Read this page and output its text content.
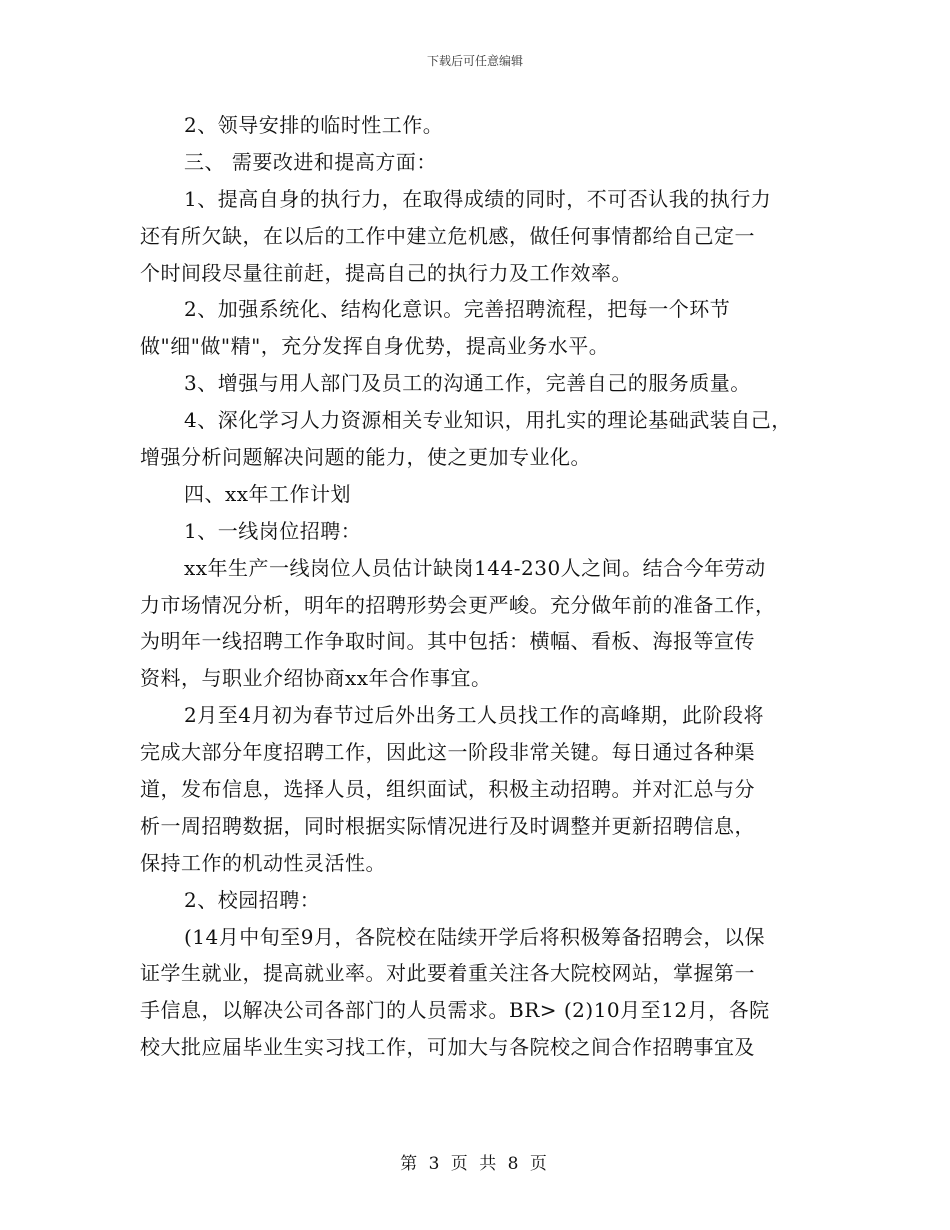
下载后可任意编辑
2、领导安排的临时性工作。
三、 需要改进和提高方面：
1、提高自身的执行力，在取得成绩的同时，不可否认我的执行力
还有所欠缺，在以后的工作中建立危机感，做任何事情都给自己定一
个时间段尽量往前赶，提高自己的执行力及工作效率。
2、加强系统化、结构化意识。完善招聘流程，把每一个环节
做"细"做"精"，充分发挥自身优势，提高业务水平。
3、增强与用人部门及员工的沟通工作，完善自己的服务质量。
4、深化学习人力资源相关专业知识，用扎实的理论基础武装自己，
增强分析问题解决问题的能力，使之更加专业化。
四、xx年工作计划
1、一线岗位招聘：
xx年生产一线岗位人员估计缺岗144-230人之间。结合今年劳动
力市场情况分析，明年的招聘形势会更严峻。充分做年前的准备工作，
为明年一线招聘工作争取时间。其中包括：横幅、看板、海报等宣传
资料，与职业介绍协商xx年合作事宜。
2月至4月初为春节过后外出务工人员找工作的高峰期，此阶段将
完成大部分年度招聘工作，因此这一阶段非常关键。每日通过各种渠
道，发布信息，选择人员，组织面试，积极主动招聘。并对汇总与分
析一周招聘数据，同时根据实际情况进行及时调整并更新招聘信息，
保持工作的机动性灵活性。
2、校园招聘：
(14月中旬至9月，各院校在陆续开学后将积极筹备招聘会，以保
证学生就业，提高就业率。对此要着重关注各大院校网站，掌握第一
手信息，以解决公司各部门的人员需求。BR> (2)10月至12月，各院
校大批应届毕业生实习找工作，可加大与各院校之间合作招聘事宜及
第 3 页 共 8 页
